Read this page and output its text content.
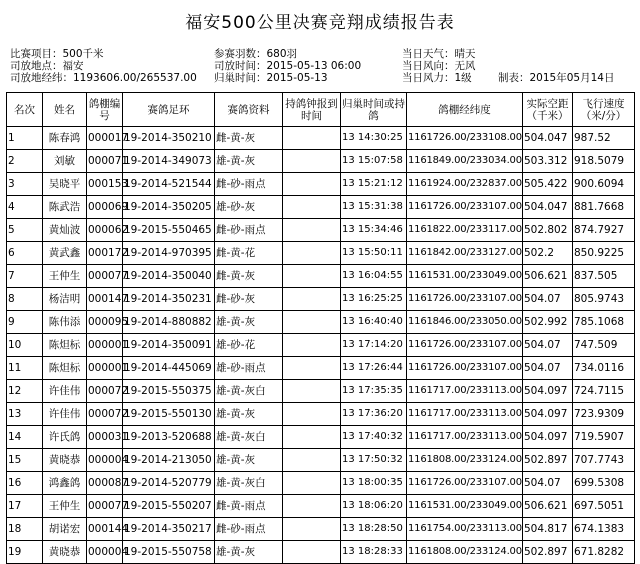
福安500公里决赛竞翔成绩报告表
比赛项目：500千米	参赛羽数：680羽	当日天气：晴天
司放地点：福安	司放时间：2015-05-13 06:00	当日风向：无风
司放地经纬：1193606.00/265537.00 归巢时间：2015-05-13	当日风力：1级	制表：2015年05月14日
名次	姓名	鸽棚编号	赛鸽足环	赛鸽资料	持鸽钟报到时间	归巢时间或持鸽	鸽棚经纬度	实际空距（千米）	飞行速度（米/分）
1	陈春鸿	000017	19-2014-350210	雌-黄-灰		13 14:30:25	1161726.00/233108.00	504.047	987.52
2	刘敏	000071	19-2014-349073	雄-黄-灰		13 15:07:58	1161849.00/233034.00	503.312	918.5079
3	吴晓平	000153	19-2014-521544	雌-砂-雨点		13 15:21:12	1161924.00/232837.00	505.422	900.6094
4	陈武浩	000069	19-2014-350205	雄-砂-灰		13 15:31:38	1161726.00/233107.00	504.047	881.7668
5	黄灿波	000062	19-2015-550465	雌-砂-雨点		13 15:34:46	1161822.00/233117.00	502.802	874.7927
6	黄武鑫	000172	19-2014-970395	雌-黄-花		13 15:50:11	1161842.00/233127.00	502.2	850.9225
7	王仲生	000077	19-2014-350040	雌-黄-灰		13 16:04:55	1161531.00/233049.00	506.621	837.505
8	杨洁明	000147	19-2014-350231	雌-砂-灰		13 16:25:25	1161726.00/233107.00	504.07	805.9743
9	陈伟添	000095	19-2014-880882	雄-黄-灰		13 16:40:40	1161846.00/233050.00	502.992	785.1068
10	陈炟标	000001	19-2014-350091	雄-砂-花		13 17:14:20	1161726.00/233107.00	504.07	747.509
11	陈炟标	000001	19-2014-445069	雄-砂-雨点		13 17:26:44	1161726.00/233107.00	504.07	734.0116
12	许佳伟	000072	19-2015-550375	雄-黄-灰白		13 17:35:35	1161717.00/233113.00	504.097	724.7115
13	许佳伟	000072	19-2015-550130	雄-黄-灰		13 17:36:20	1161717.00/233113.00	504.097	723.9309
14	许氏鸽	000031	19-2013-520688	雄-黄-灰白		13 17:40:32	1161717.00/233113.00	504.097	719.5907
15	黄晓恭	000004	19-2014-213050	雄-黄-灰		13 17:50:32	1161808.00/233124.00	502.897	707.7743
16	鸿鑫鸽	000087	19-2014-520779	雄-黄-灰白		13 18:00:35	1161726.00/233107.00	504.07	699.5308
17	王仲生	000077	19-2015-550207	雌-黄-雨点		13 18:06:20	1161531.00/233049.00	506.621	697.5051
18	胡诺宏	000144	19-2014-350217	雌-砂-雨点		13 18:28:50	1161754.00/233113.00	504.817	674.1383
19	黄晓恭	000004	19-2015-550758	雄-黄-灰		13 18:28:33	1161808.00/233124.00	502.897	671.8282
